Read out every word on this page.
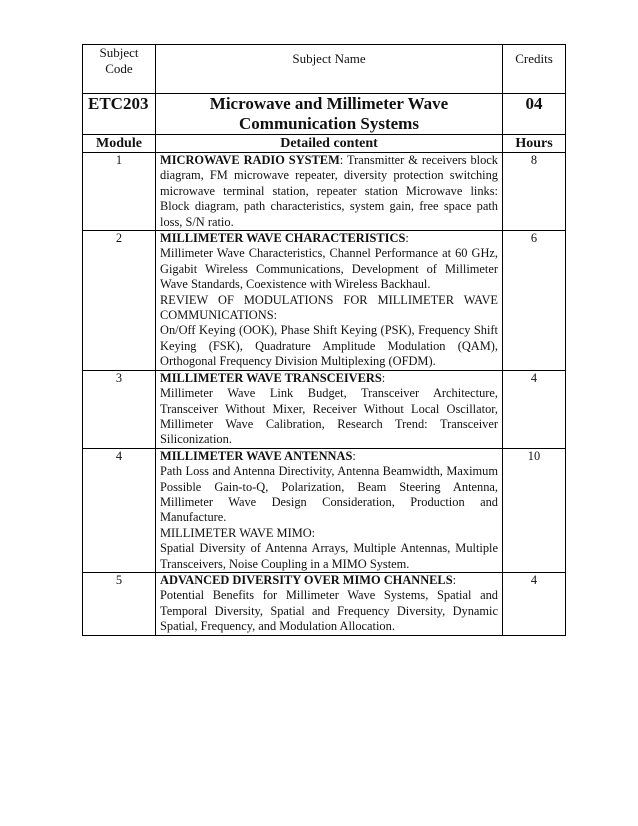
Subject Code	Subject Name	Credits
ETC203	Microwave and Millimeter Wave Communication Systems	04
Module	Detailed content	Hours
1	MICROWAVE RADIO SYSTEM: Transmitter & receivers block diagram, FM microwave repeater, diversity protection switching microwave terminal station, repeater station Microwave links: Block diagram, path characteristics, system gain, free space path loss, S/N ratio.	8
2	MILLIMETER WAVE CHARACTERISTICS:
Millimeter Wave Characteristics, Channel Performance at 60 GHz, Gigabit Wireless Communications, Development of Millimeter Wave Standards, Coexistence with Wireless Backhaul.
REVIEW OF MODULATIONS FOR MILLIMETER WAVE COMMUNICATIONS:
On/Off Keying (OOK), Phase Shift Keying (PSK), Frequency Shift Keying (FSK), Quadrature Amplitude Modulation (QAM), Orthogonal Frequency Division Multiplexing (OFDM).	6
3	MILLIMETER WAVE TRANSCEIVERS:
Millimeter Wave Link Budget, Transceiver Architecture, Transceiver Without Mixer, Receiver Without Local Oscillator, Millimeter Wave Calibration, Research Trend: Transceiver Siliconization.	4
4	MILLIMETER WAVE ANTENNAS:
Path Loss and Antenna Directivity, Antenna Beamwidth, Maximum Possible Gain-to-Q, Polarization, Beam Steering Antenna, Millimeter Wave Design Consideration, Production and Manufacture.
MILLIMETER WAVE MIMO:
Spatial Diversity of Antenna Arrays, Multiple Antennas, Multiple Transceivers, Noise Coupling in a MIMO System.	10
5	ADVANCED DIVERSITY OVER MIMO CHANNELS:
Potential Benefits for Millimeter Wave Systems, Spatial and Temporal Diversity, Spatial and Frequency Diversity, Dynamic Spatial, Frequency, and Modulation Allocation.	4
